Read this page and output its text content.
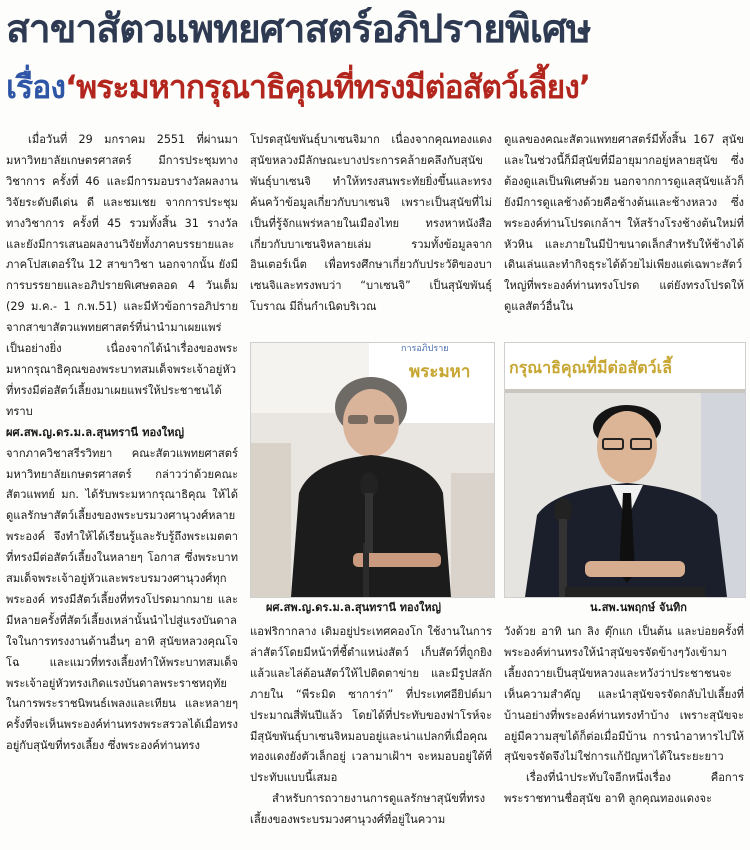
สาขาสัตวแพทยศาสตร์อภิปรายพิเศษ
เรื่อง‘พระมหากรุณาธิคุณที่ทรงมีต่อสัตว์เลี้ยง’

เมื่อวันที่ 29 มกราคม 2551 ที่ผ่านมา มหาวิทยาลัยเกษตรศาสตร์ มีการประชุมทางวิชาการ ครั้งที่ 46 และมีการมอบรางวัลผลงานวิจัยระดับดีเด่น ดี และชมเชย จากการประชุมทางวิชาการ ครั้งที่ 45 รวมทั้งสิ้น 31 รางวัล และยังมีการเสนอผลงานวิจัยทั้งภาคบรรยายและภาคโปสเตอร์ใน 12 สาขาวิชา นอกจากนั้น ยังมีการบรรยายและอภิปรายพิเศษตลอด 4 วันเต็ม (29 ม.ค.- 1 ก.พ.51) และมีหัวข้อการอภิปรายจากสาขาสัตวแพทยศาสตร์ที่น่านำมาเผยแพร่เป็นอย่างยิ่ง เนื่องจากได้นำเรื่องของพระมหากรุณาธิคุณของพระบาทสมเด็จพระเจ้าอยู่หัวที่ทรงมีต่อสัตว์เลี้ยงมาเผยแพร่ให้ประชาชนได้ทราบ

ผศ.สพ.ญ.ดร.ม.ล.สุนทรานี ทองใหญ่

จากภาควิชาสรีรวิทยา คณะสัตวแพทยศาสตร์ มหาวิทยาลัยเกษตรศาสตร์ กล่าวว่าด้วยคณะสัตวแพทย์ มก. ได้รับพระมหากรุณาธิคุณ ให้ได้ดูแลรักษาสัตว์เลี้ยงของพระบรมวงศานุวงศ์หลายพระองค์ จึงทำให้ได้เรียนรู้และรับรู้ถึงพระเมตตาที่ทรงมีต่อสัตว์เลี้ยงในหลายๆ โอกาส ซึ่งพระบาทสมเด็จพระเจ้าอยู่หัวและพระบรมวงศานุวงศ์ทุกพระองค์ ทรงมีสัตว์เลี้ยงที่ทรงโปรดมากมาย และมีหลายครั้งที่สัตว์เลี้ยงเหล่านั้นนำไปสู่แรงบันดาลใจในการทรงงานด้านอื่นๆ อาทิ สุนัขหลวงคุณโจโฉ และแมวที่ทรงเลี้ยงทำให้พระบาทสมเด็จพระเจ้าอยู่หัวทรงเกิดแรงบันดาลพระราชหฤทัยในการพระราชนิพนธ์เพลงและเทียน และหลายๆ ครั้งที่จะเห็นพระองค์ท่านทรงพระสรวลได้เมื่อทรงอยู่กับสุนัขที่ทรงเลี้ยง ซึ่งพระองค์ท่านทรง

โปรดสุนัขพันธุ์บาเซนจิมาก เนื่องจากคุณทองแดงสุนัขหลวงมีลักษณะบางประการคล้ายคลึงกับสุนัขพันธุ์บาเซนจิ ทำให้ทรงสนพระทัยยิ่งขึ้นและทรงค้นคว้าข้อมูลเกี่ยวกับบาเซนจิ เพราะเป็นสุนัขที่ไม่เป็นที่รู้จักแพร่หลายในเมืองไทย ทรงหาหนังสือเกี่ยวกับบาเซนจิหลายเล่ม รวมทั้งข้อมูลจากอินเตอร์เน็ต เพื่อทรงศึกษาเกี่ยวกับประวัติของบาเซนจิและทรงพบว่า “บาเซนจิ” เป็นสุนัขพันธุ์โบราณ มีถิ่นกำเนิดบริเวณ

ดูแลของคณะสัตวแพทยศาสตร์มีทั้งสิ้น 167 สุนัข และในช่วงนี้ก็มีสุนัขที่มีอายุมากอยู่หลายสุนัข ซึ่งต้องดูแลเป็นพิเศษด้วย นอกจากการดูแลสุนัขแล้วก็ยังมีการดูแลช้างด้วยคือช้างต้นและช้างหลวง ซึ่งพระองค์ท่านโปรดเกล้าฯ ให้สร้างโรงช้างต้นใหม่ที่หัวหิน และภายในมีป้าขนาดเล็กสำหรับให้ช้างได้เดินเล่นและทำกิจธุระได้ด้วยไม่เพียงแต่เฉพาะสัตว์ใหญ่ที่พระองค์ท่านทรงโปรด แต่ยังทรงโปรดให้ดูแลสัตว์อื่นใน

การอภิปราย
พระมหา
ผศ.สพ.ญ.ดร.ม.ล.สุนทรานี ทองใหญ่
กรุณาธิคุณที่มีต่อสัตว์เลี้
น.สพ.นพฤกษ์ จันทิก

แอฟริกากลาง เดิมอยู่ประเทศคองโก ใช้งานในการล่าสัตว์โดยมีหน้าที่ชี้ตำแหน่งสัตว์ เก็บสัตว์ที่ถูกยิงแล้วและไล่ต้อนสัตว์ให้ไปติดตาข่าย และมีรูปสลักภายใน “พีระมิด ซาการ่า” ที่ประเทศอียิปต์มาประมาณสี่พันปีแล้ว โดยได้ที่ประทับของฟาโรห์จะมีสุนัขพันธุ์บาเซนจิหมอบอยู่และน่าแปลกที่เมื่อคุณทองแดงยังตัวเล็กอยู่ เวลามาเฝ้าฯ จะหมอบอยู่ใต้ที่ประทับแบบนี้เสมอ

สำหรับการถวายงานการดูแลรักษาสุนัขที่ทรงเลี้ยงของพระบรมวงศานุวงศ์ที่อยู่ในความ

วังด้วย อาทิ นก ลิง ตุ๊กแก เป็นต้น และบ่อยครั้งที่พระองค์ท่านทรงให้นำสุนัขจรจัดข้างๆวังเข้ามาเลี้ยงถวายเป็นสุนัขหลวงและหวังว่าประชาชนจะเห็นความสำคัญ และนำสุนัขจรจัดกลับไปเลี้ยงที่บ้านอย่างที่พระองค์ท่านทรงทำบ้าง เพราะสุนัขจะอยู่มีความสุขได้ก็ต่อเมื่อมีบ้าน การนำอาหารไปให้สุนัขจรจัดจึงไม่ใช่การแก้ปัญหาได้ในระยะยาว

เรื่องที่นำประทับใจอีกหนึ่งเรื่อง คือการพระราชทานชื่อสุนัข อาทิ ลูกคุณทองแดงจะ
